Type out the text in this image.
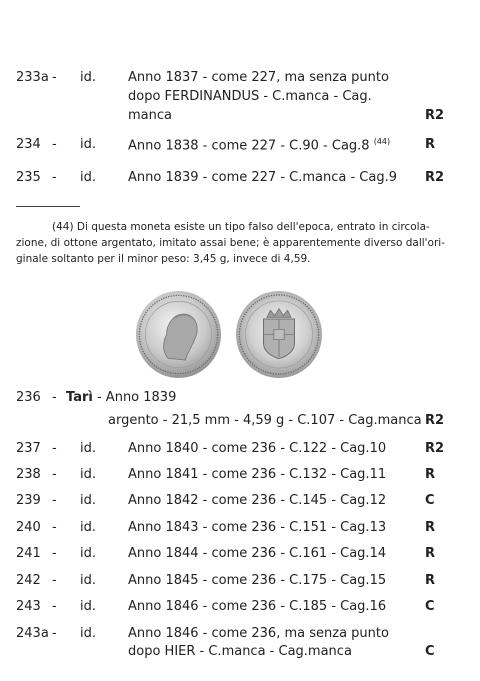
233a - id. Anno 1837 - come 227, ma senza punto
dopo FERDINANDUS - C.manca - Cag.
manca	R2
234 - id. Anno 1838 - come 227 - C.90 - Cag.8 $^{(44)}$	R
235 - id. Anno 1839 - come 227 - C.manca - Cag.9 R2
(44) Di questa moneta esiste un tipo falso dell'epoca, entrato in circola-
zione, di ottone argentato, imitato assai bene; è apparentemente diverso dall'ori-
ginale soltanto per il minor peso: 3,45 g, invece di 4,59.
236 - Tarì - Anno 1839
argento - 21,5 mm - 4,59 g - C.107 - Cag.manca R2
237 - id. Anno 1840 - come 236 - C.122 - Cag.10	R2
238 - id. Anno 1841 - come 236 - C.132 - Cag.11	R
239 - id. Anno 1842 - come 236 - C.145 - Cag.12	C
240 - id. Anno 1843 - come 236 - C.151 - Cag.13	R
241 - id. Anno 1844 - come 236 - C.161 - Cag.14	R
242 - id. Anno 1845 - come 236 - C.175 - Cag.15	R
243 - id. Anno 1846 - come 236 - C.185 - Cag.16	C
243a - id. Anno 1846 - come 236, ma senza punto
dopo HIER - C.manca - Cag.manca	C
